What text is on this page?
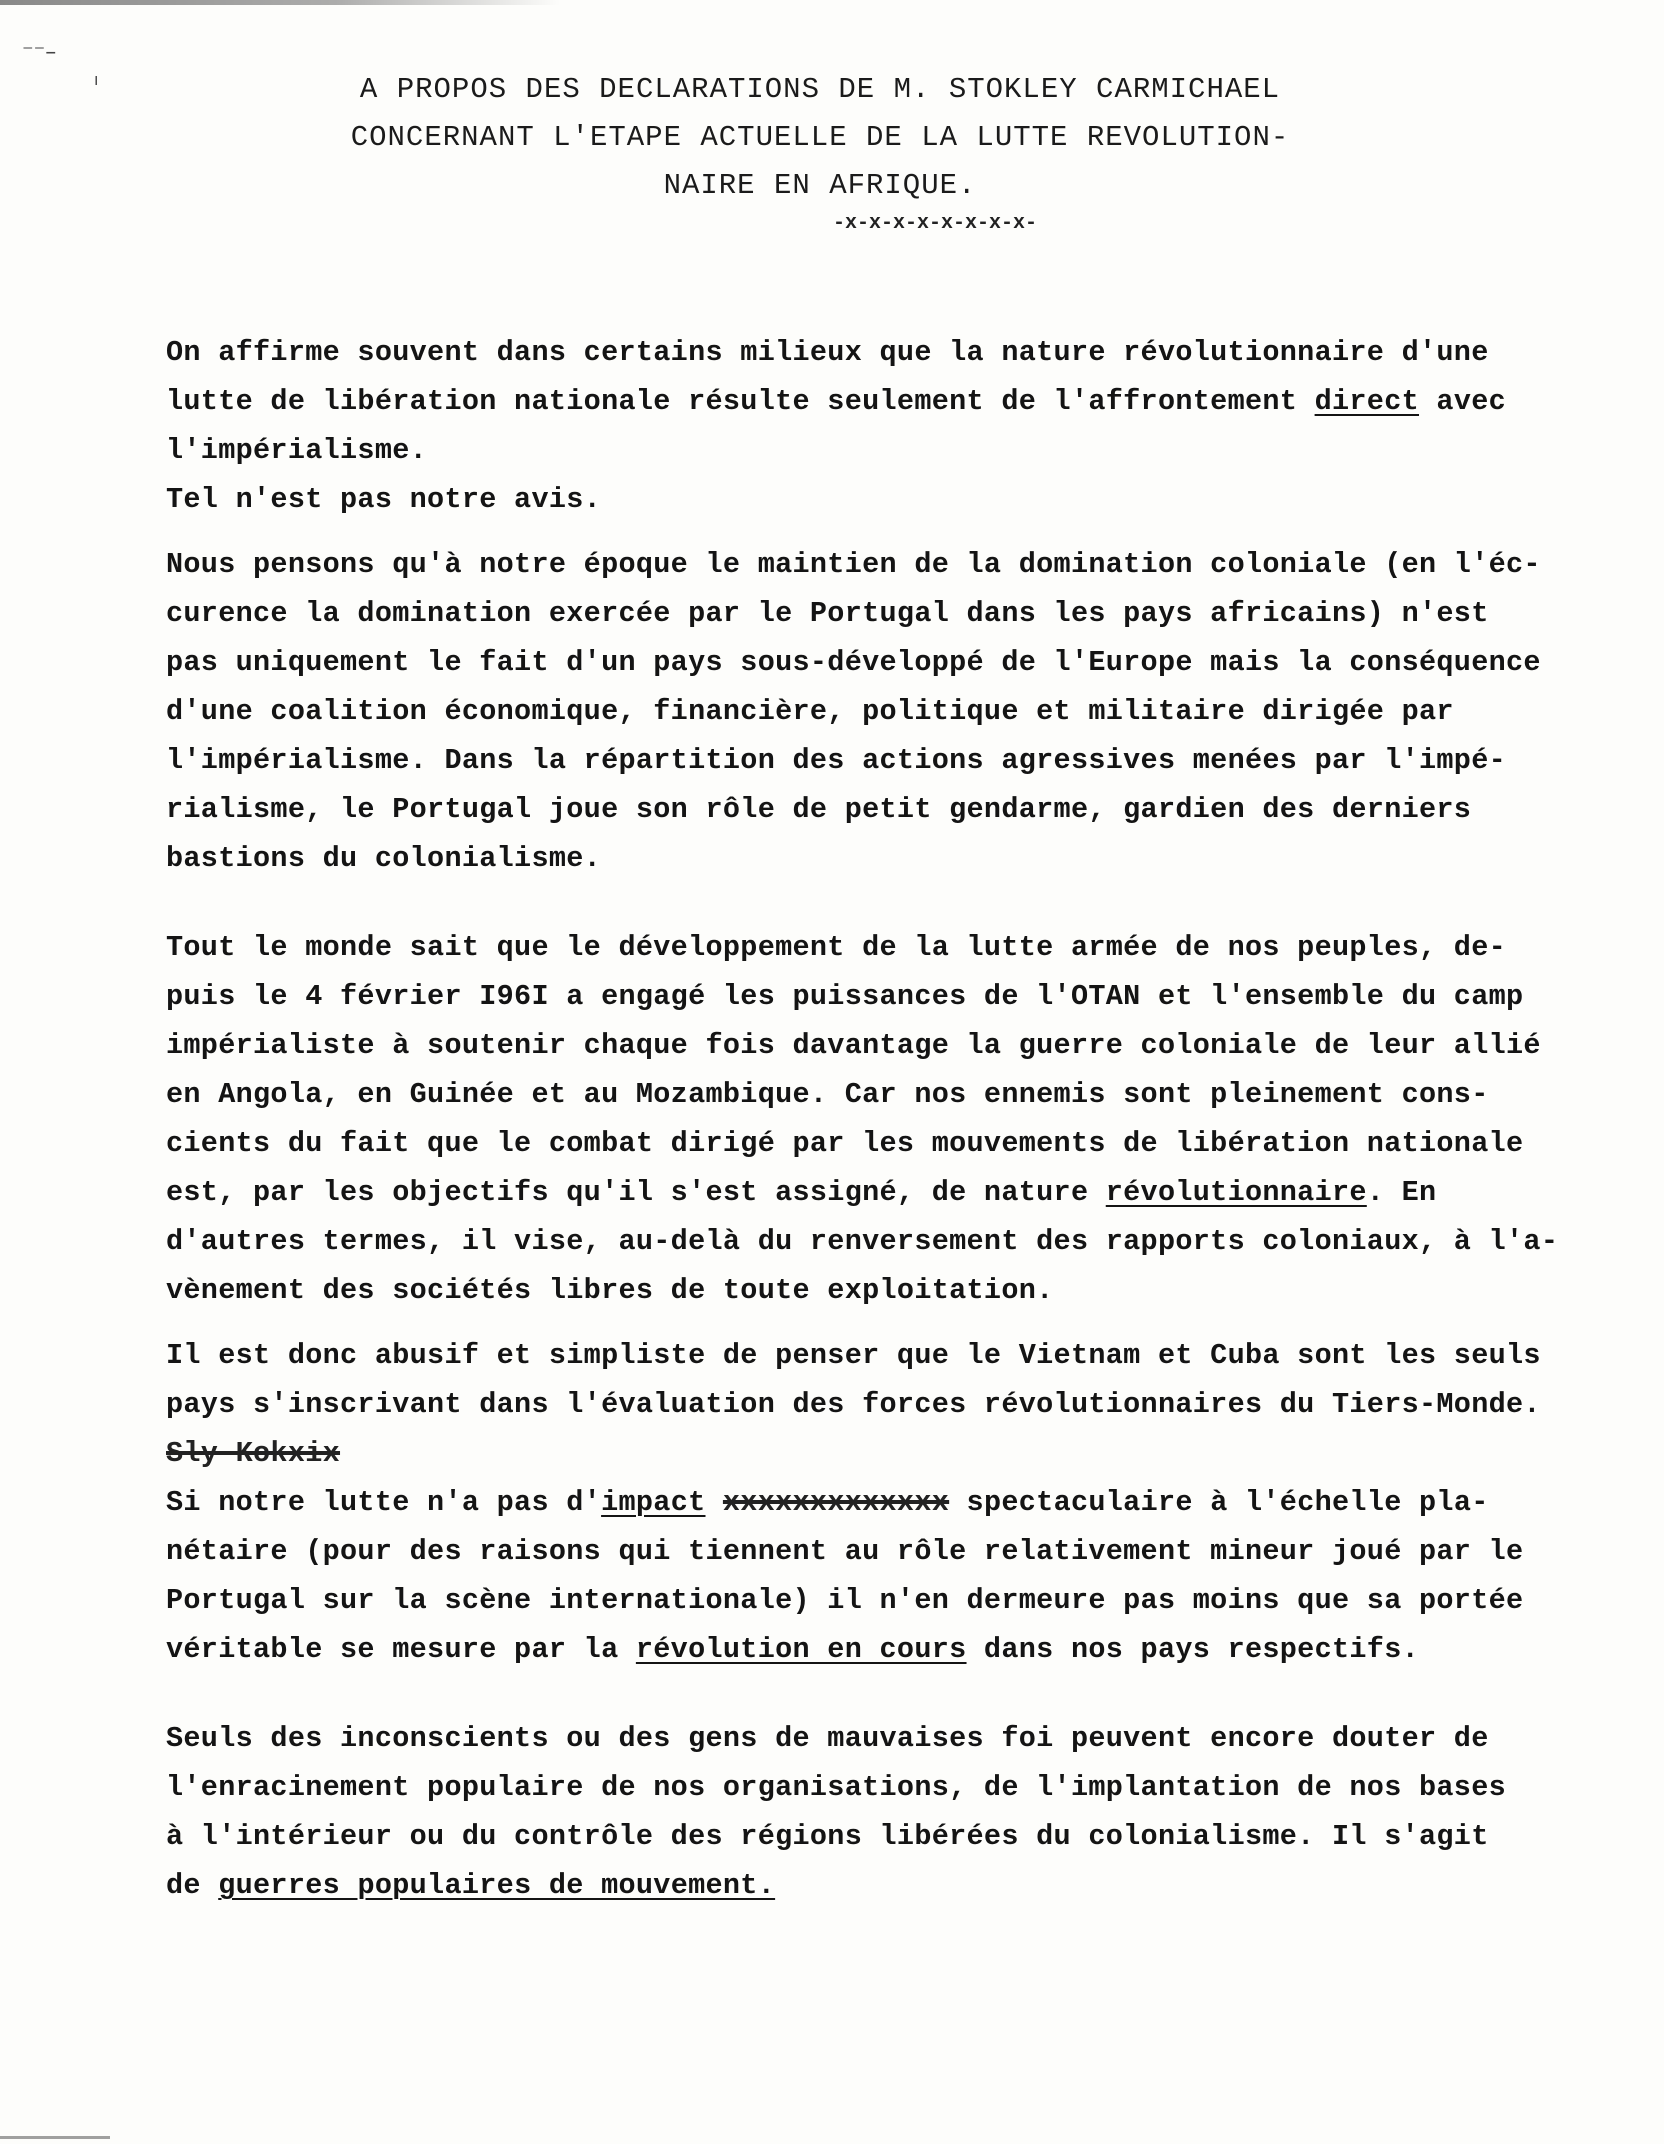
⁻⁻–
ı	A PROPOS DES DECLARATIONS DE M. STOKLEY CARMICHAEL
CONCERNANT L'ETAPE ACTUELLE DE LA LUTTE REVOLUTION-
NAIRE EN AFRIQUE.
-x-x-x-x-x-x-x-x-
On affirme souvent dans certains milieux que la nature révolutionnaire d'une
lutte de libération nationale résulte seulement de l'affrontement direct avec
l'impérialisme.
Tel n'est pas notre avis.
Nous pensons qu'à notre époque le maintien de la domination coloniale (en l'éc-
curence la domination exercée par le Portugal dans les pays africains) n'est
pas uniquement le fait d'un pays sous-développé de l'Europe mais la conséquence
d'une coalition économique, financière, politique et militaire dirigée par
l'impérialisme. Dans la répartition des actions agressives menées par l'impé-
rialisme, le Portugal joue son rôle de petit gendarme, gardien des derniers
bastions du colonialisme.
Tout le monde sait que le développement de la lutte armée de nos peuples, de-
puis le 4 février I96I a engagé les puissances de l'OTAN et l'ensemble du camp
impérialiste à soutenir chaque fois davantage la guerre coloniale de leur allié
en Angola, en Guinée et au Mozambique. Car nos ennemis sont pleinement cons-
cients du fait que le combat dirigé par les mouvements de libération nationale
est, par les objectifs qu'il s'est assigné, de nature révolutionnaire. En
d'autres termes, il vise, au-delà du renversement des rapports coloniaux, à l'a-
vènement des sociétés libres de toute exploitation.
Il est donc abusif et simpliste de penser que le Vietnam et Cuba sont les seuls
pays s'inscrivant dans l'évaluation des forces révolutionnaires du Tiers-Monde.
Sly-Kokxix
Si notre lutte n'a pas d'impact xxxxxxxxxxxxx spectaculaire à l'échelle pla-
nétaire (pour des raisons qui tiennent au rôle relativement mineur joué par le
Portugal sur la scène internationale) il n'en dermeure pas moins que sa portée
véritable se mesure par la révolution en cours dans nos pays respectifs.
Seuls des inconscients ou des gens de mauvaises foi peuvent encore douter de
l'enracinement populaire de nos organisations, de l'implantation de nos bases
à l'intérieur ou du contrôle des régions libérées du colonialisme. Il s'agit
de guerres populaires de mouvement.
